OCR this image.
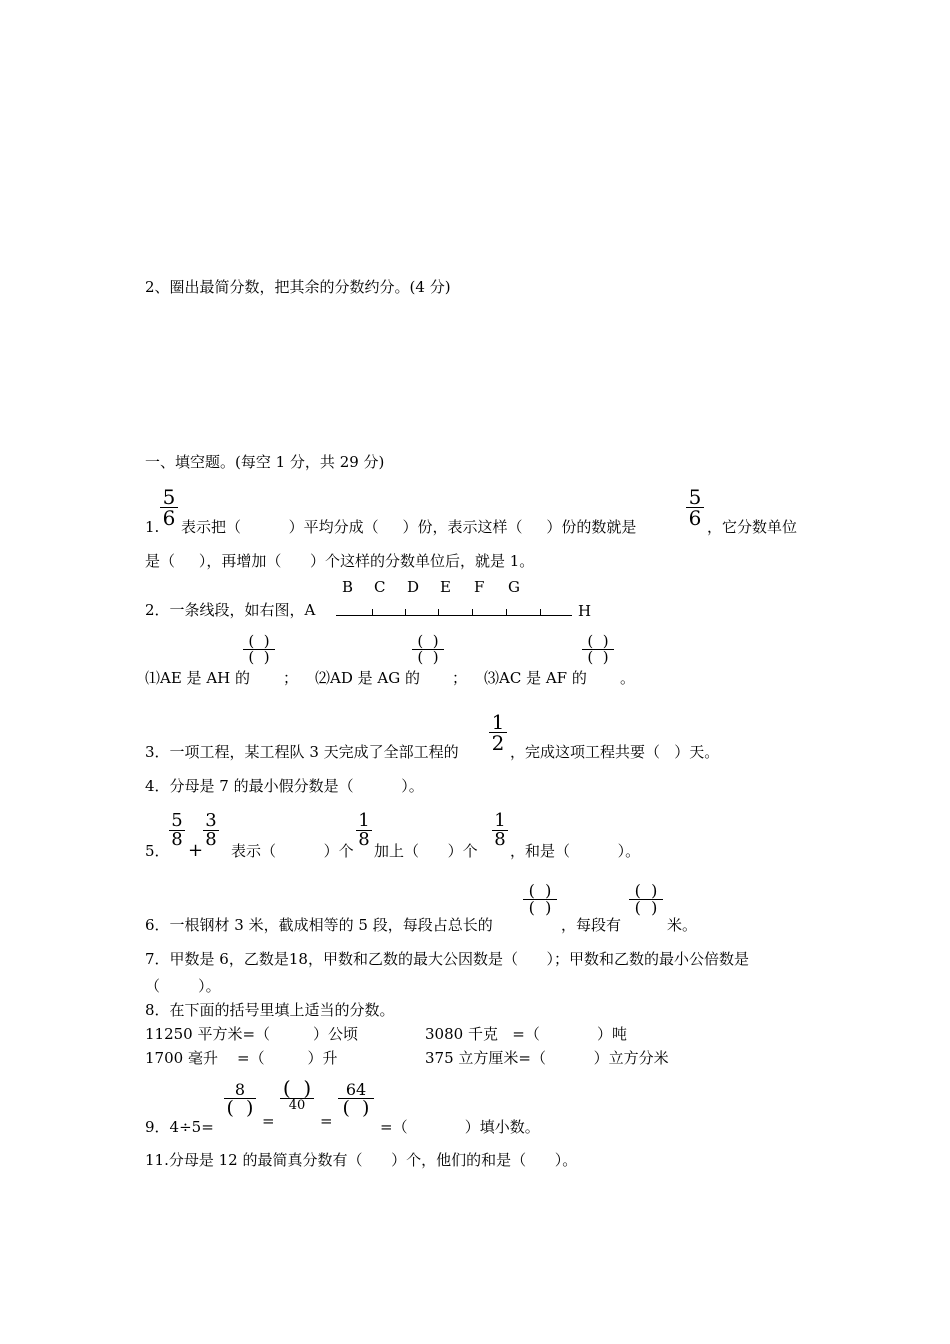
2、圈出最简分数，把其余的分数约分。(4 分)
一、填空题。(每空 1 分，共 29 分)
1.
5
6 表示把（          ）平均分成（     ）份，表示这样（     ）份的数就是
5
6 ，它分数单位
是（     ），再增加（      ）个这样的分数单位后，就是 1。
B C D E F G
2．一条线段，如右图，A	H
(  )
(  )
(  )
(  )
(  )
(  )
⑴AE 是 AH 的 ； ⑵AD 是 AG 的 ； ⑶AC 是 AF 的 。
3．一项工程，某工程队 3 天完成了全部工程的
1
2 ，完成这项工程共要（   ）天。
4．分母是 7 的最小假分数是（          ）。
5．
5
8
+
3
8
表示（          ）个
1
8
加上（      ）个
1
8
，和是（          ）。
6．一根钢材 3 米，截成相等的 5 段，每段占总长的
(  )
(  )
，每段有
(  )
(  )
米。
7．甲数是 6，乙数是18，甲数和乙数的最大公因数是（      ）；甲数和乙数的最小公倍数是
（        ）。
8．在下面的括号里填上适当的分数。
11250 平方米=（         ）公顷	3080 千克   =（            ）吨
1700 毫升    =（         ）升	375 立方厘米=（          ）立方分米
9．4÷5=
8
(  )
=
(  )
40
=
64
(  )
=（            ）填小数。
11.分母是 12 的最简真分数有（      ）个，他们的和是（      ）。
